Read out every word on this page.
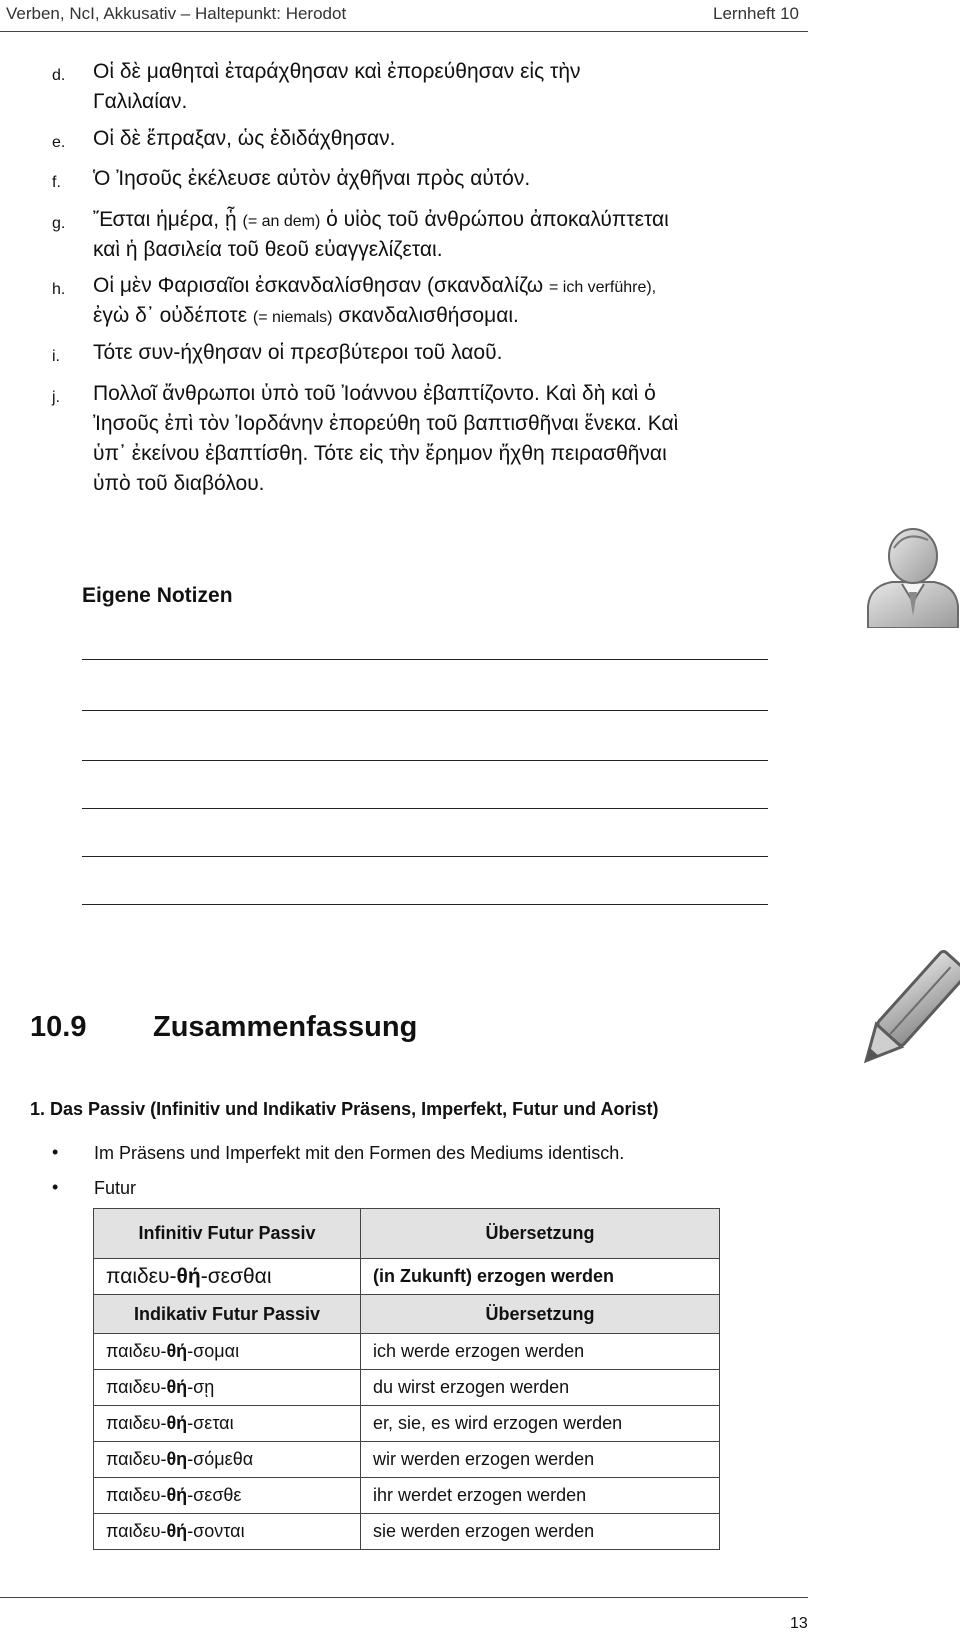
Verben, NcI, Akkusativ – Haltepunkt: Herodot	Lernheft 10
d. Οἱ δὲ μαθηταὶ ἐταράχθησαν καὶ ἐπορεύθησαν εἰς τὴν
Γαλιλαίαν.
e. Οἱ δὲ ἔπραξαν, ὡς ἐδιδάχθησαν.
f. Ὁ Ἰησοῦς ἐκέλευσε αὐτὸν ἀχθῆναι πρὸς αὐτόν.
g. Ἔσται ἡμέρα, ᾗ (= an dem) ὁ υἱὸς τοῦ ἀνθρώπου ἀποκαλύπτεται
καὶ ἡ βασιλεία τοῦ θεοῦ εὐαγγελίζεται.
h. Οἱ μὲν Φαρισαῖοι ἐσκανδαλίσθησαν (σκανδαλίζω = ich verführe),
ἐγὼ δ᾽ οὐδέποτε (= niemals) σκανδαλισθήσομαι.
i. Τότε συν-ήχθησαν οἱ πρεσβύτεροι τοῦ λαοῦ.
j. Πολλοῖ ἄνθρωποι ὑπὸ τοῦ Ἰοάννου ἐβαπτίζοντο. Καὶ δὴ καὶ ὁ
Ἰησοῦς ἐπὶ τὸν Ἰορδάνην ἐπορεύθη τοῦ βαπτισθῆναι ἕνεκα. Καὶ
ὑπ᾽ ἐκείνου ἐβαπτίσθη. Τότε εἰς τὴν ἔρημον ἤχθη πειρασθῆναι
ὑπὸ τοῦ διαβόλου.
Eigene Notizen
10.9 Zusammenfassung
1. Das Passiv (Infinitiv und Indikativ Präsens, Imperfekt, Futur und Aorist)
• Im Präsens und Imperfekt mit den Formen des Mediums identisch.
• Futur
Infinitiv Futur Passiv	Übersetzung
παιδευ-θή-σεσθαι	(in Zukunft) erzogen werden
Indikativ Futur Passiv	Übersetzung
παιδευ-θή-σομαι	ich werde erzogen werden
παιδευ-θή-σῃ	du wirst erzogen werden
παιδευ-θή-σεται	er, sie, es wird erzogen werden
παιδευ-θη-σόμεθα	wir werden erzogen werden
παιδευ-θή-σεσθε	ihr werdet erzogen werden
παιδευ-θή-σονται	sie werden erzogen werden
13
